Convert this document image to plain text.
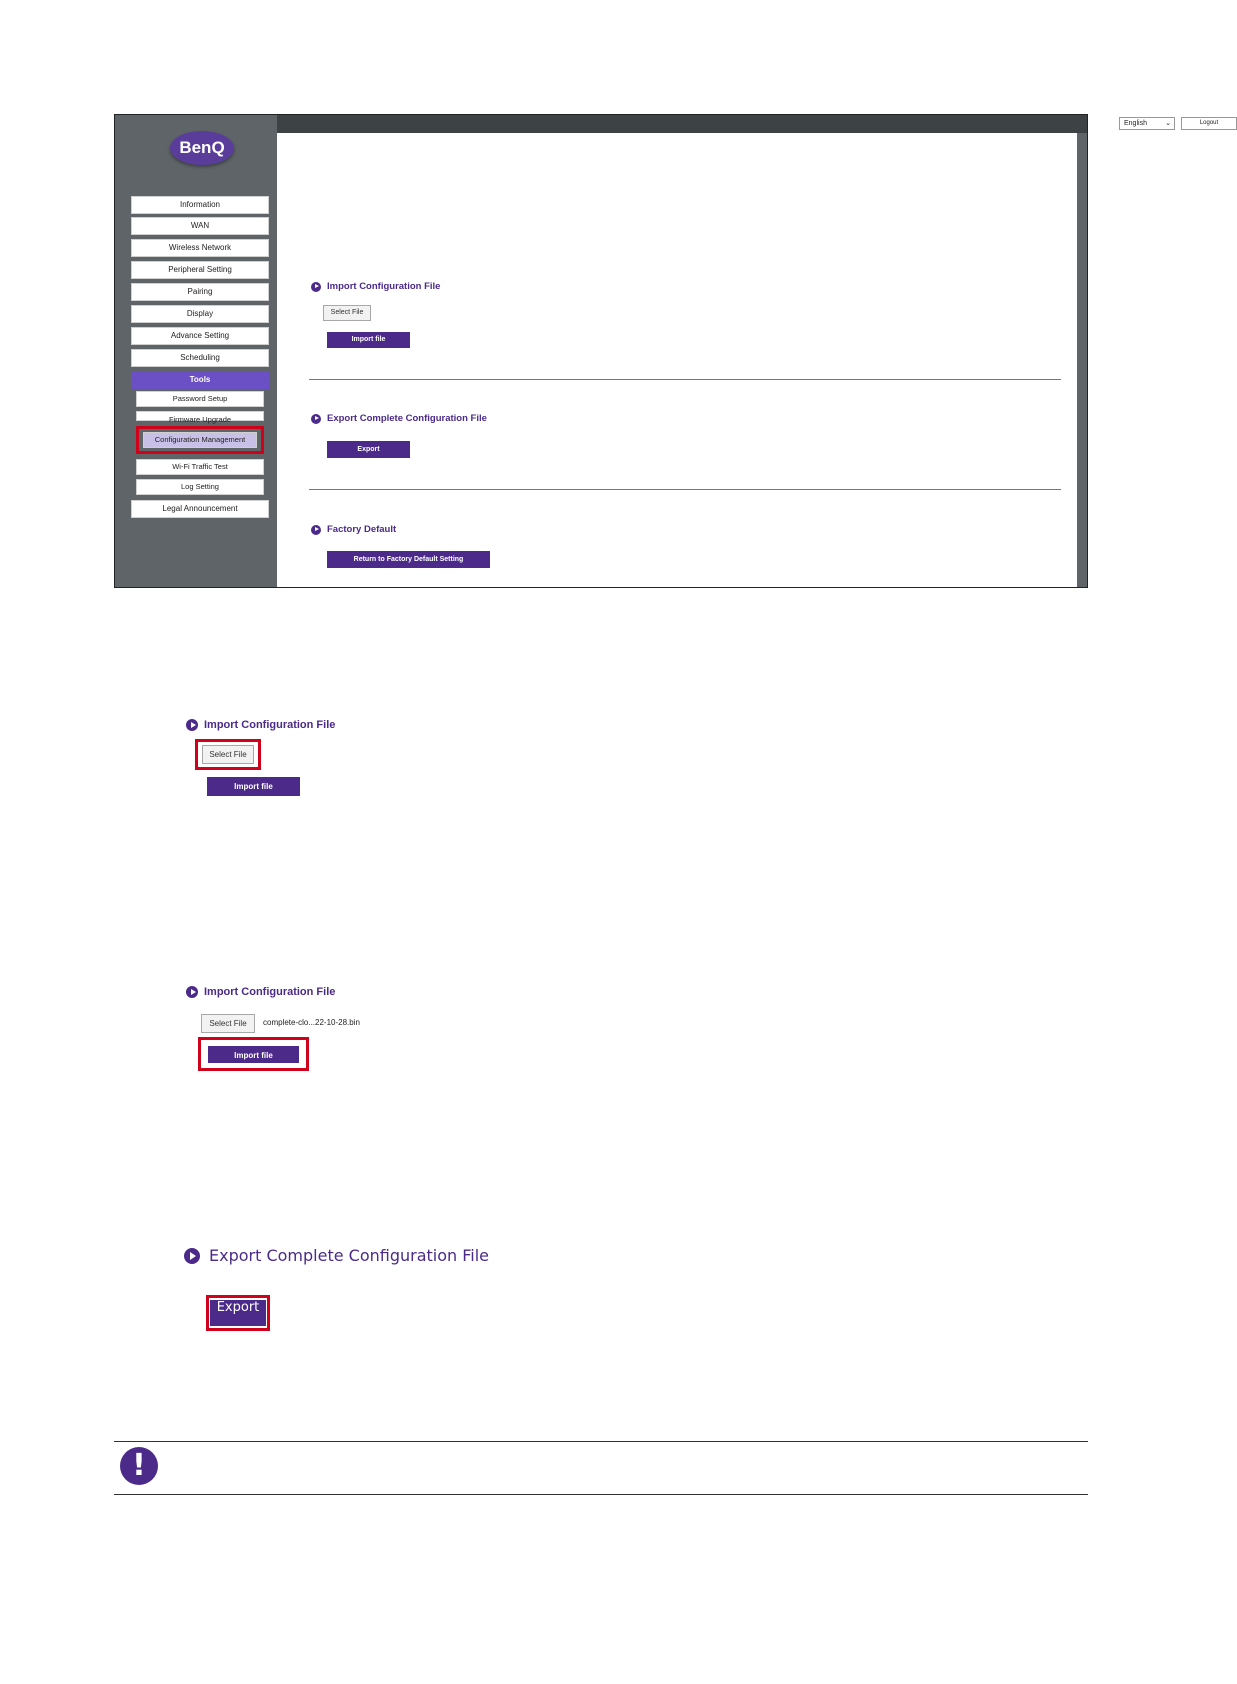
BenQ
Information
WAN
Wireless Network
Peripheral Setting
Pairing
Display
Advance Setting
Scheduling
Tools
Password Setup
Firmware Upgrade
Configuration Management
Wi-Fi Traffic Test
Log Setting
Legal Announcement
English	⌄	Logout
Import Configuration File
Select File
Import file
Export Complete Configuration File
Export
Factory Default
Return to Factory Default Setting
Import Configuration File
Select File
Import file
Import Configuration File
Select File	complete-clo...22-10-28.bin
Import file
Export Complete Configuration File
Export
!
